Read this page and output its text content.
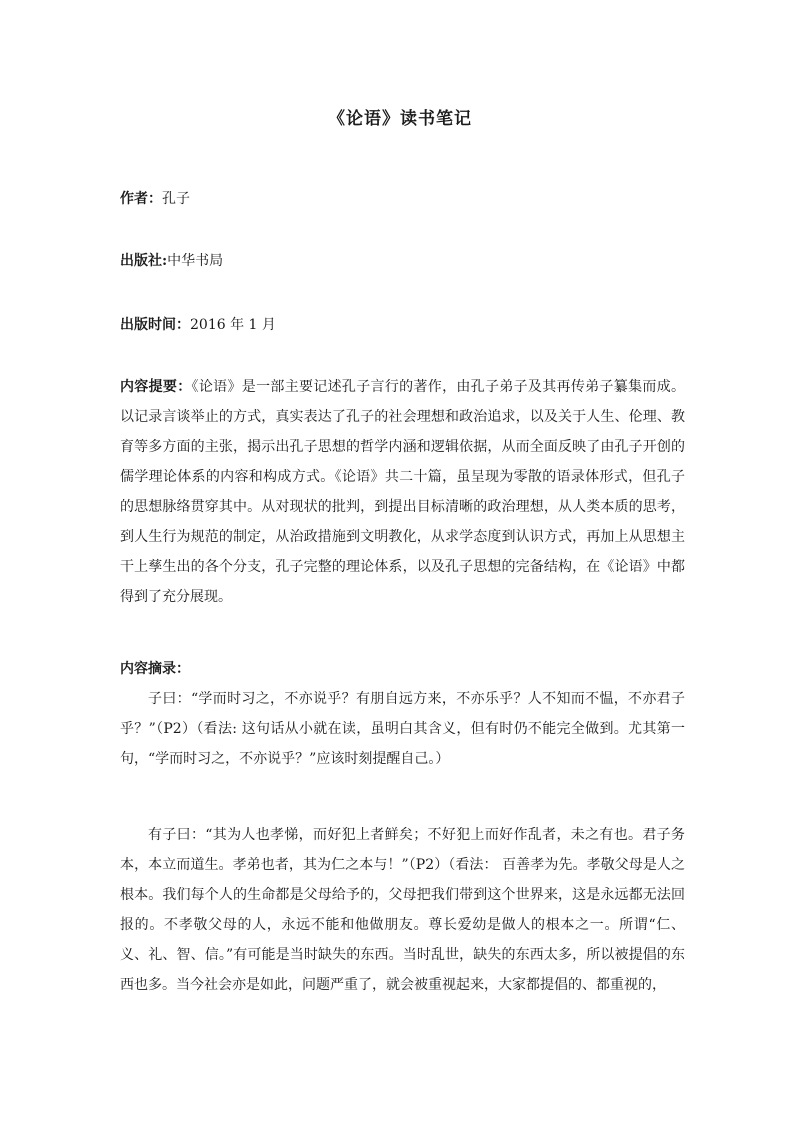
《论语》读书笔记
作者：孔子
出版社:中华书局
出版时间：2016 年 1 月

内容提要：《论语》是一部主要记述孔子言行的著作，由孔子弟子及其再传弟子纂集而成。以记录言谈举止的方式，真实表达了孔子的社会理想和政治追求，以及关于人生、伦理、教育等多方面的主张，揭示出孔子思想的哲学内涵和逻辑依据，从而全面反映了由孔子开创的儒学理论体系的内容和构成方式。《论语》共二十篇，虽呈现为零散的语录体形式，但孔子的思想脉络贯穿其中。从对现状的批判，到提出目标清晰的政治理想，从人类本质的思考，到人生行为规范的制定，从治政措施到文明教化，从求学态度到认识方式，再加上从思想主干上孳生出的各个分支，孔子完整的理论体系，以及孔子思想的完备结构，在《论语》中都得到了充分展现。

内容摘录：

子曰：“学而时习之，不亦说乎？有朋自远方来，不亦乐乎？人不知而不愠，不亦君子乎？”（P2）（看法: 这句话从小就在读，虽明白其含义，但有时仍不能完全做到。尤其第一句，“学而时习之，不亦说乎？”应该时刻提醒自己。）

有子曰：“其为人也孝悌，而好犯上者鲜矣；不好犯上而好作乱者，未之有也。君子务本，本立而道生。孝弟也者，其为仁之本与！”（P2）（看法： 百善孝为先。孝敬父母是人之根本。我们每个人的生命都是父母给予的，父母把我们带到这个世界来，这是永远都无法回报的。不孝敬父母的人，永远不能和他做朋友。尊长爱幼是做人的根本之一。所谓“仁、义、礼、智、信。”有可能是当时缺失的东西。当时乱世，缺失的东西太多，所以被提倡的东西也多。当今社会亦是如此，问题严重了，就会被重视起来，大家都提倡的、都重视的，
